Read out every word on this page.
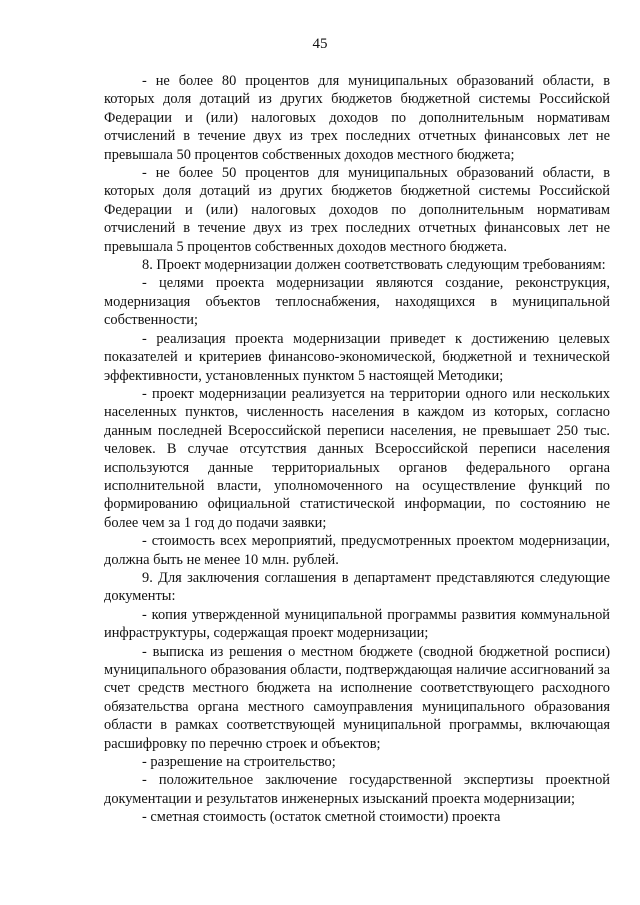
45

- не более 80 процентов для муниципальных образований области, в которых доля дотаций из других бюджетов бюджетной системы Российской Федерации и (или) налоговых доходов по дополнительным нормативам отчислений в течение двух из трех последних отчетных финансовых лет не превышала 50 процентов собственных доходов местного бюджета;

- не более 50 процентов для муниципальных образований области, в которых доля дотаций из других бюджетов бюджетной системы Российской Федерации и (или) налоговых доходов по дополнительным нормативам отчислений в течение двух из трех последних отчетных финансовых лет не превышала 5 процентов собственных доходов местного бюджета.

8. Проект модернизации должен соответствовать следующим требованиям:

- целями проекта модернизации являются создание, реконструкция, модернизация объектов теплоснабжения, находящихся в муниципальной собственности;

- реализация проекта модернизации приведет к достижению целевых показателей и критериев финансово-экономической, бюджетной и технической эффективности, установленных пунктом 5 настоящей Методики;

- проект модернизации реализуется на территории одного или нескольких населенных пунктов, численность населения в каждом из которых, согласно данным последней Всероссийской переписи населения, не превышает 250 тыс. человек. В случае отсутствия данных Всероссийской переписи населения используются данные территориальных органов федерального органа исполнительной власти, уполномоченного на осуществление функций по формированию официальной статистической информации, по состоянию не более чем за 1 год до подачи заявки;

- стоимость всех мероприятий, предусмотренных проектом модернизации, должна быть не менее 10 млн. рублей.

9. Для заключения соглашения в департамент представляются следующие документы:

- копия утвержденной муниципальной программы развития коммунальной инфраструктуры, содержащая проект модернизации;

- выписка из решения о местном бюджете (сводной бюджетной росписи) муниципального образования области, подтверждающая наличие ассигнований за счет средств местного бюджета на исполнение соответствующего расходного обязательства органа местного самоуправления муниципального образования области в рамках соответствующей муниципальной программы, включающая расшифровку по перечню строек и объектов;

- разрешение на строительство;

- положительное заключение государственной экспертизы проектной документации и результатов инженерных изысканий проекта модернизации;

- сметная стоимость (остаток сметной стоимости) проекта
